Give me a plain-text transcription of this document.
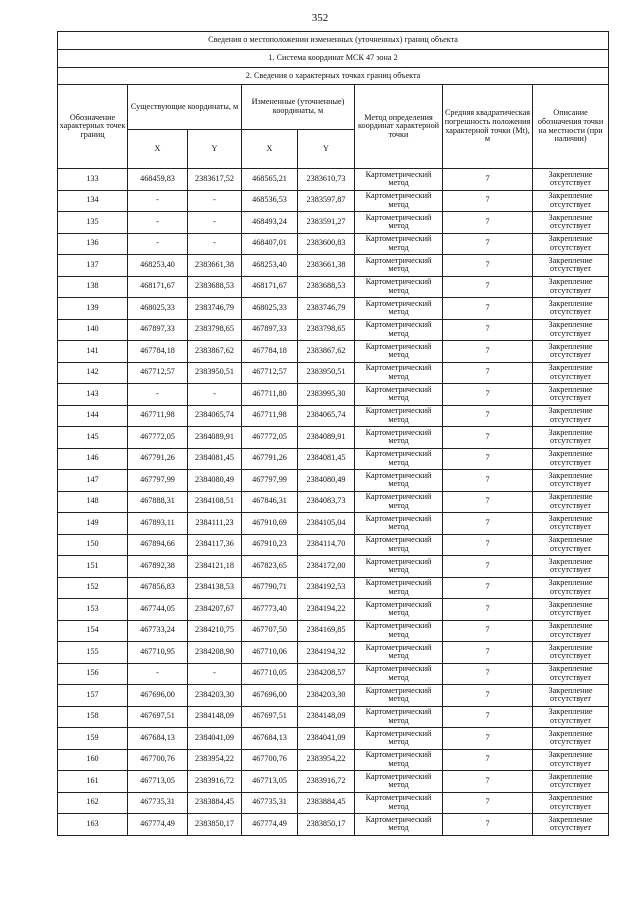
352
Сведения о местоположении измененных (уточненных) границ объекта							
1. Система координат МСК 47 зона 2							
2. Сведения о характерных точках границ объекта							
Обозначение характерных точек границ	Существующие координаты, м		Измененные (уточненные) координаты, м		Метод определения координат характерной точки	Средняя квадратическая погрешность положения характерной точки (Mt), м	Описание обозначения точки на местности (при наличии)
	X	Y	X	Y			
133	468459,83	2383617,52	468565,21	2383610,73	Картометрический метод	7	Закрепление отсутствует
134	-	-	468536,53	2383597,87	Картометрический метод	7	Закрепление отсутствует
135	-	-	468493,24	2383591,27	Картометрический метод	7	Закрепление отсутствует
136	-	-	468407,01	2383600,83	Картометрический метод	7	Закрепление отсутствует
137	468253,40	2383661,38	468253,40	2383661,38	Картометрический метод	7	Закрепление отсутствует
138	468171,67	2383688,53	468171,67	2383688,53	Картометрический метод	7	Закрепление отсутствует
139	468025,33	2383746,79	468025,33	2383746,79	Картометрический метод	7	Закрепление отсутствует
140	467897,33	2383798,65	467897,33	2383798,65	Картометрический метод	7	Закрепление отсутствует
141	467784,18	2383867,62	467784,18	2383867,62	Картометрический метод	7	Закрепление отсутствует
142	467712,57	2383950,51	467712,57	2383950,51	Картометрический метод	7	Закрепление отсутствует
143	-	-	467711,80	2383995,30	Картометрический метод	7	Закрепление отсутствует
144	467711,98	2384065,74	467711,98	2384065,74	Картометрический метод	7	Закрепление отсутствует
145	467772,05	2384089,91	467772,05	2384089,91	Картометрический метод	7	Закрепление отсутствует
146	467791,26	2384081,45	467791,26	2384081,45	Картометрический метод	7	Закрепление отсутствует
147	467797,99	2384080,49	467797,99	2384080,49	Картометрический метод	7	Закрепление отсутствует
148	467888,31	2384108,51	467846,31	2384083,73	Картометрический метод	7	Закрепление отсутствует
149	467893,11	2384111,23	467910,69	2384105,04	Картометрический метод	7	Закрепление отсутствует
150	467894,66	2384117,36	467910,23	2384114,70	Картометрический метод	7	Закрепление отсутствует
151	467892,38	2384121,18	467823,65	2384172,00	Картометрический метод	7	Закрепление отсутствует
152	467856,83	2384138,53	467790,71	2384192,53	Картометрический метод	7	Закрепление отсутствует
153	467744,05	2384207,67	467773,40	2384194,22	Картометрический метод	7	Закрепление отсутствует
154	467733,24	2384210,75	467707,50	2384169,85	Картометрический метод	7	Закрепление отсутствует
155	467710,95	2384208,90	467710,06	2384194,32	Картометрический метод	7	Закрепление отсутствует
156	-	-	467710,05	2384208,57	Картометрический метод	7	Закрепление отсутствует
157	467696,00	2384203,30	467696,00	2384203,30	Картометрический метод	7	Закрепление отсутствует
158	467697,51	2384148,09	467697,51	2384148,09	Картометрический метод	7	Закрепление отсутствует
159	467684,13	2384041,09	467684,13	2384041,09	Картометрический метод	7	Закрепление отсутствует
160	467700,76	2383954,22	467700,76	2383954,22	Картометрический метод	7	Закрепление отсутствует
161	467713,05	2383916,72	467713,05	2383916,72	Картометрический метод	7	Закрепление отсутствует
162	467735,31	2383884,45	467735,31	2383884,45	Картометрический метод	7	Закрепление отсутствует
163	467774,49	2383850,17	467774,49	2383850,17	Картометрический метод	7	Закрепление отсутствует
